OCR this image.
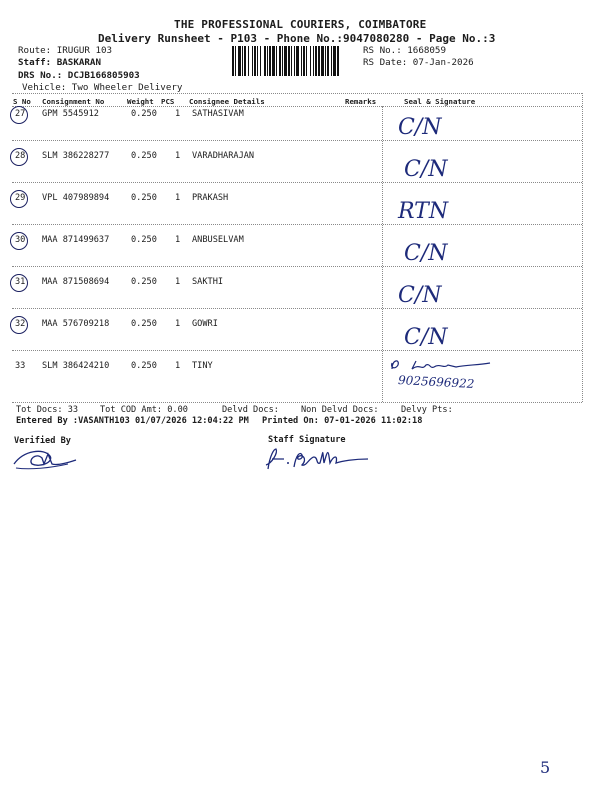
THE PROFESSIONAL COURIERS, COIMBATORE
Delivery Runsheet - P103 - Phone No.:9047080280 - Page No.:3
Route: IRUGUR 103
Staff: BASKARAN
DRS No.: DCJB166805903
Vehicle: Two Wheeler Delivery
RS No.: 1668059
RS Date: 07-Jan-2026
S No Consignment No	Weight PCS Consignee Details	Remarks	Seal & Signature
27 GPM 5545912	0.250 1 SATHASIVAM
C/N
28 SLM 386228277	0.250 1 VARADHARAJAN
C/N
29 VPL 407989894	0.250 1 PRAKASH
RTN
30 MAA 871499637	0.250 1 ANBUSELVAM
C/N
31 MAA 871508694	0.250 1 SAKTHI
C/N
32 MAA 576709218	0.250 1 GOWRI
C/N
33 SLM 386424210	0.250 1 TINY
9025696922
Tot Docs: 33	Tot COD Amt: 0.00	Delvd Docs:	Non Delvd Docs:	Delvy Pts:
Entered By :VASANTH103 01/07/2026 12:04:22 PM Printed On: 07-01-2026 11:02:18
Verified By	Staff Signature
5
